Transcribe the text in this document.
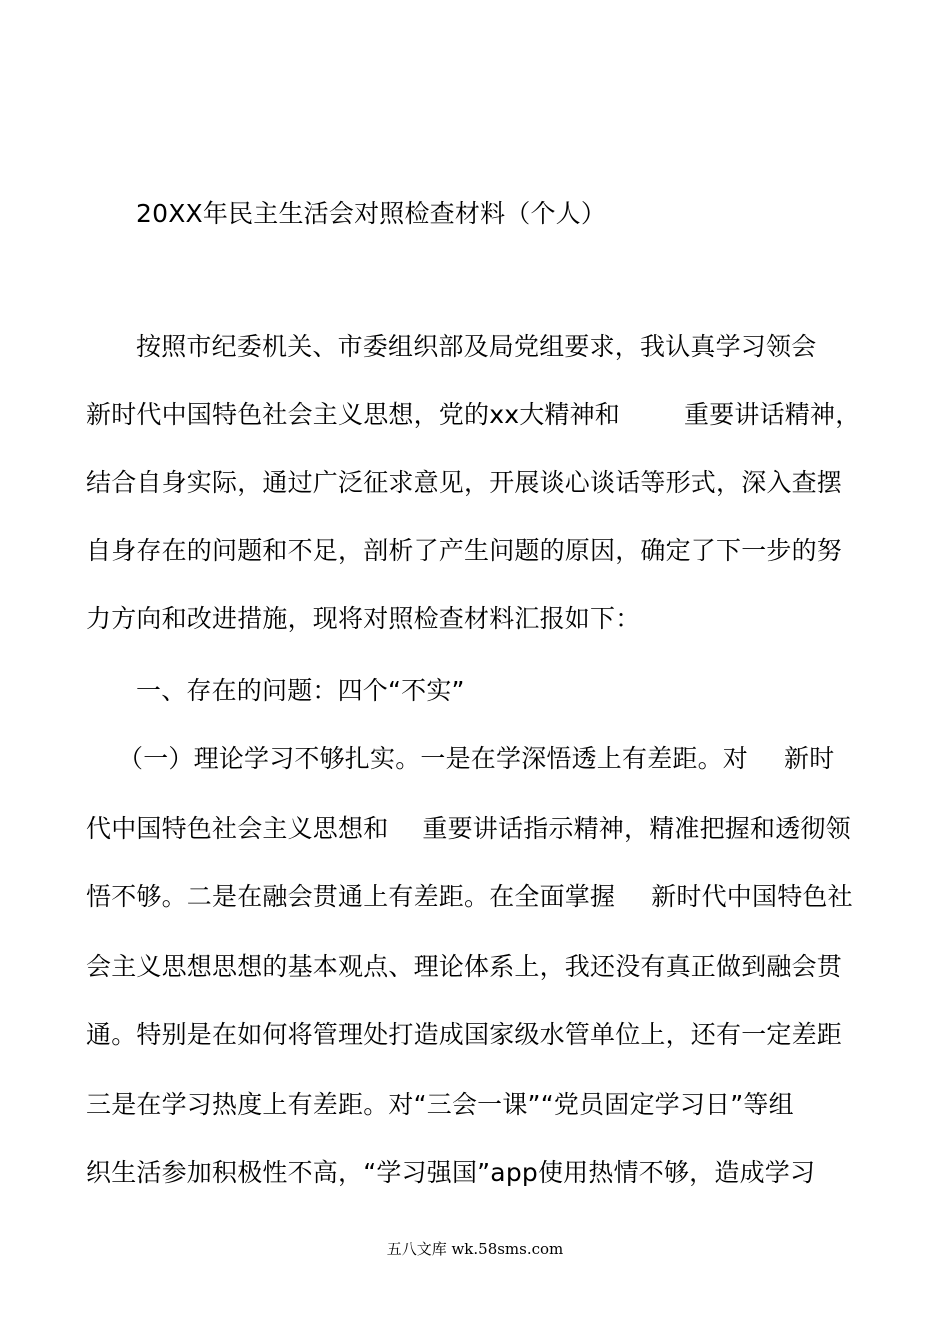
20XX年民主生活会对照检查材料（个人）
按照市纪委机关、市委组织部及局党组要求，我认真学习领会
新时代中国特色社会主义思想，党的xx大精神和	重要讲话精神，
结合自身实际，通过广泛征求意见，开展谈心谈话等形式，深入查摆
自身存在的问题和不足，剖析了产生问题的原因，确定了下一步的努
力方向和改进措施，现将对照检查材料汇报如下：
一、存在的问题：四个“不实”
（一）理论学习不够扎实。一是在学深悟透上有差距。对 新时
代中国特色社会主义思想和 重要讲话指示精神，精准把握和透彻领
悟不够。二是在融会贯通上有差距。在全面掌握 新时代中国特色社
会主义思想思想的基本观点、理论体系上，我还没有真正做到融会贯
通。特别是在如何将管理处打造成国家级水管单位上，还有一定差距
三是在学习热度上有差距。对“三会一课”“党员固定学习日”等组
织生活参加积极性不高，“学习强国”app使用热情不够，造成学习
五八文库 wk.58sms.com
